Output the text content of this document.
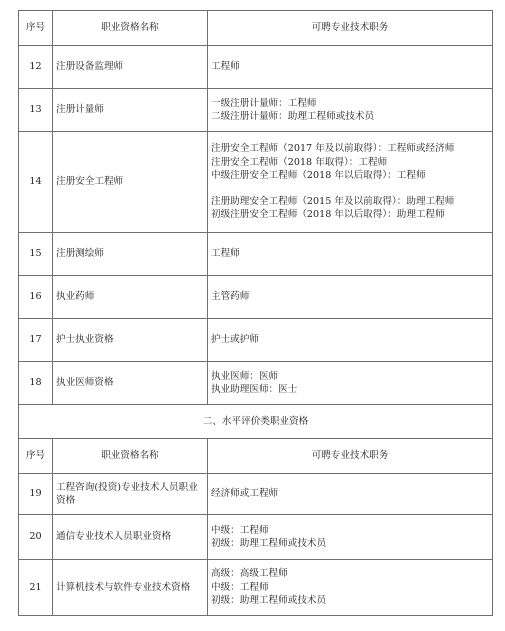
序号	职业资格名称	可聘专业技术职务
12	注册设备监理师	工程师

13	注册计量师	一级注册计量师：工程师
二级注册计量师：助理工程师或技术员

14	注册安全工程师	注册安全工程师（2017 年及以前取得）：工程师或经济师
注册安全工程师（2018 年取得）：工程师
中级注册安全工程师（2018 年以后取得）：工程师
注册助理安全工程师（2015 年及以前取得）：助理工程师
初级注册安全工程师（2018 年以后取得）：助理工程师

15	注册测绘师	工程师

16	执业药师	主管药师

17	护士执业资格	护士或护师

18	执业医师资格	执业医师：医师
执业助理医师：医士

二、水平评价类职业资格		
序号	职业资格名称	可聘专业技术职务
19	工程咨询(投资)专业技术人员职业资格	经济师或工程师

20	通信专业技术人员职业资格	中级：工程师
初级：助理工程师或技术员

21	计算机技术与软件专业技术资格	高级：高级工程师
中级：工程师
初级：助理工程师或技术员
